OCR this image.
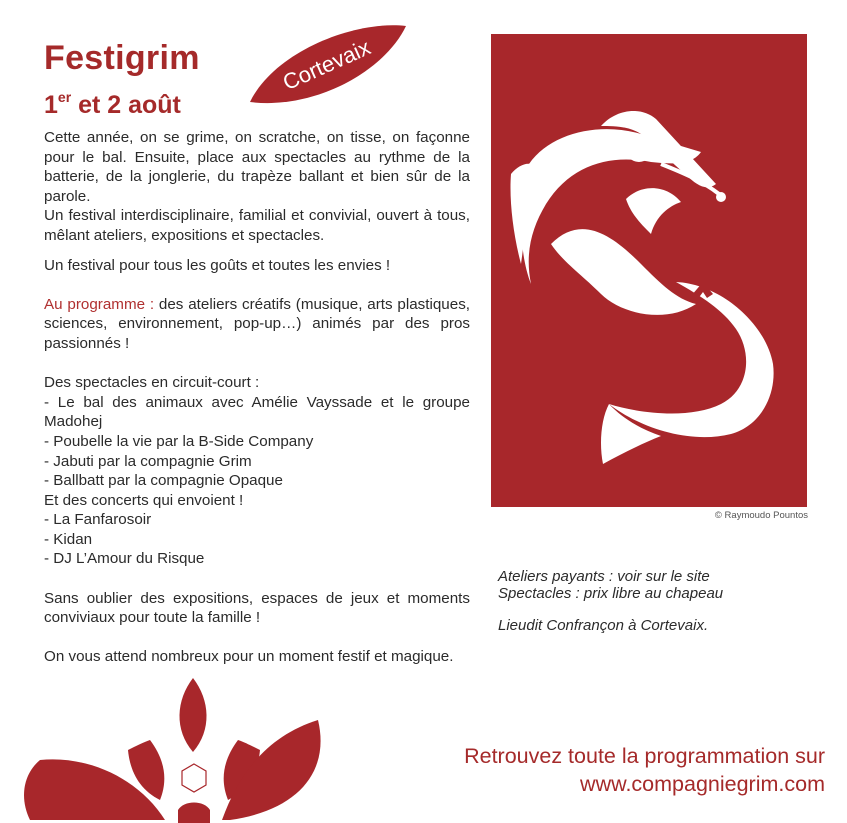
Festigrim
1er et 2 août
Cortevaix

Cette année, on se grime, on scratche, on tisse, on façonne pour le bal. Ensuite, place aux spectacles au rythme de la batterie, de la jonglerie, du trapèze ballant et bien sûr de la parole.

Un festival interdisciplinaire, familial et convivial, ouvert à tous, mêlant ateliers, expositions et spectacles.

Un festival pour tous les goûts et toutes les envies !

Au programme : des ateliers créatifs (musique, arts plastiques, sciences, environnement, pop-up…) animés par des pros passionnés !

Des spectacles en circuit-court :

- Le bal des animaux avec Amélie Vayssade et le groupe Madohej

- Poubelle la vie par la B-Side Company
- Jabuti par la compagnie Grim
- Ballbatt par la compagnie Opaque
Et des concerts qui envoient !
- La Fanfarosoir
- Kidan
- DJ L’Amour du Risque

Sans oublier des expositions, espaces de jeux et moments conviviaux pour toute la famille !

On vous attend nombreux pour un moment festif et magique.

© Raymoudo Pountos
Ateliers payants : voir sur le site
Spectacles : prix libre au chapeau
Lieudit Confrançon à Cortevaix.
Retrouvez toute la programmation sur
www.compagniegrim.com
